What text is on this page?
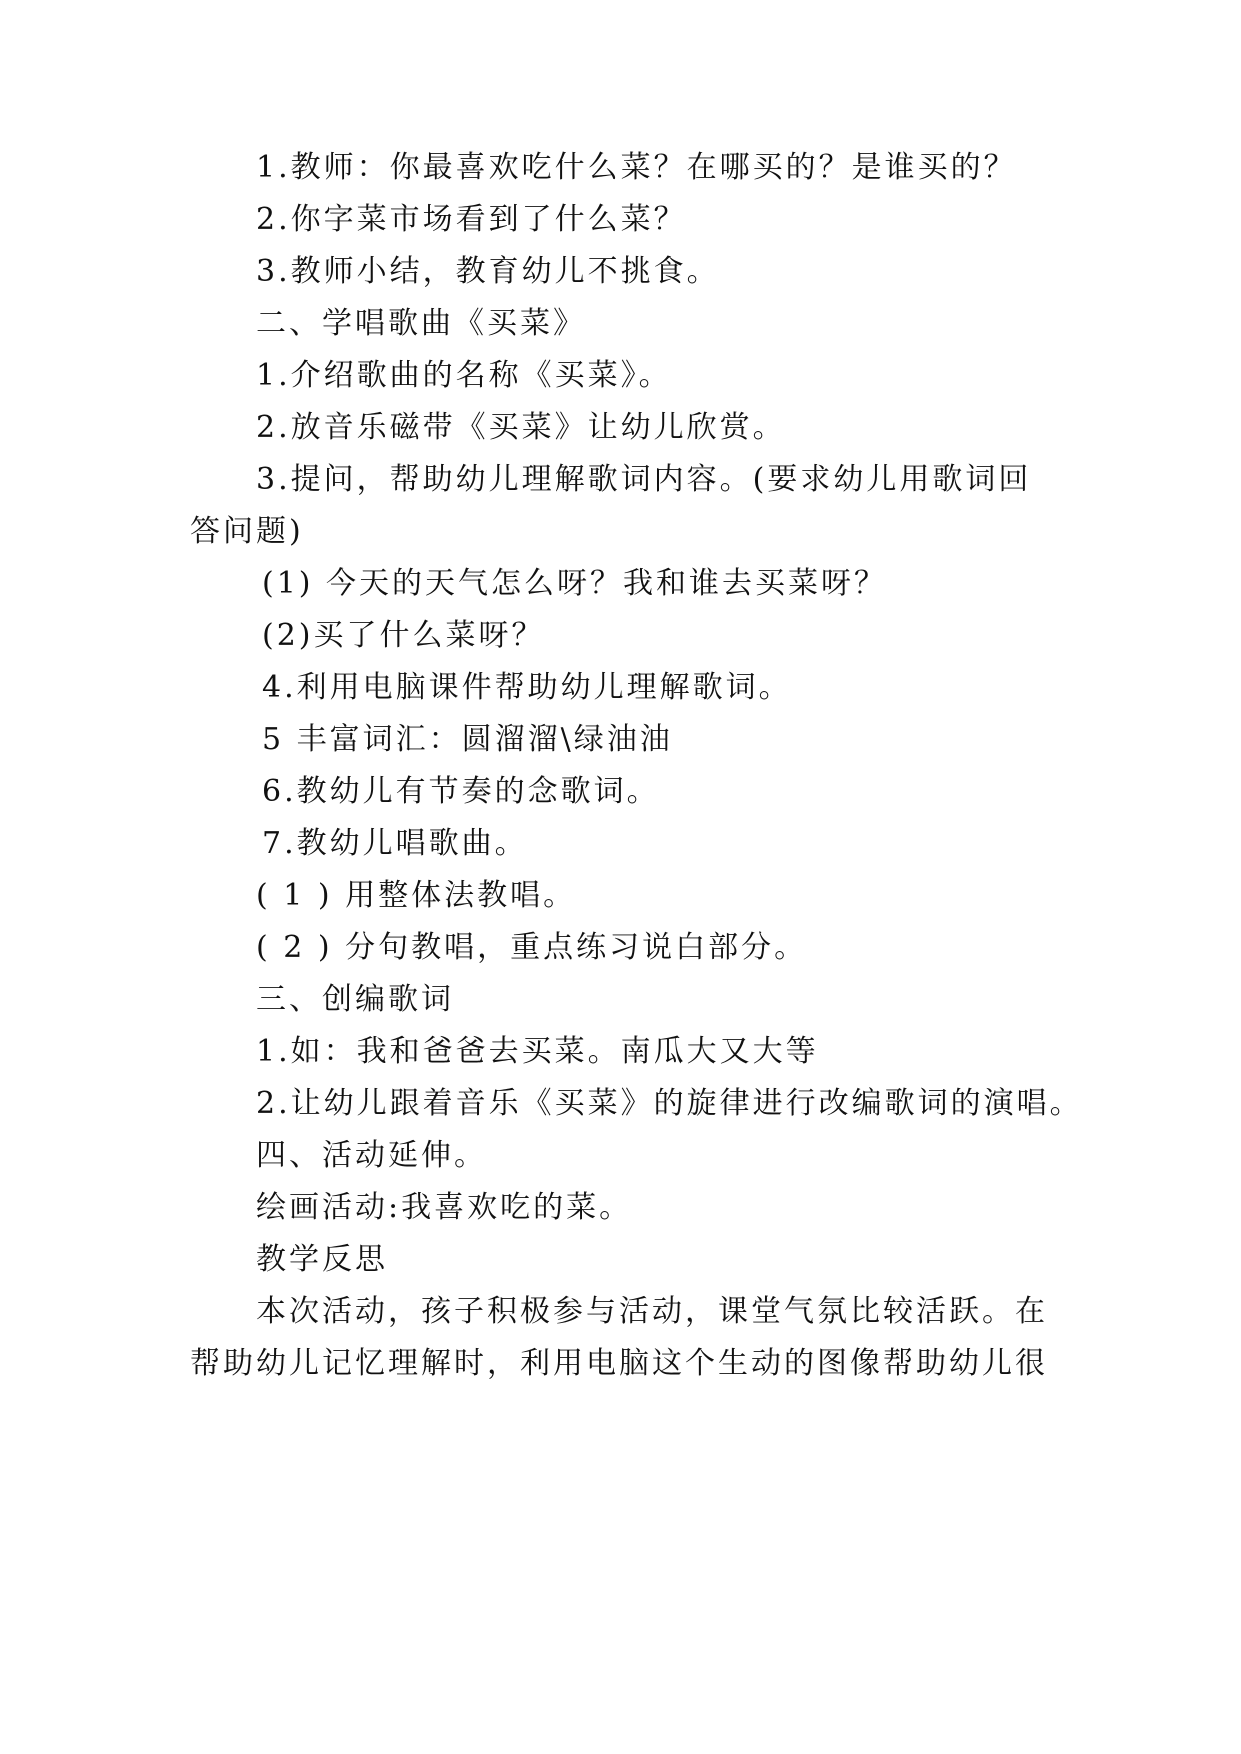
1.教师：你最喜欢吃什么菜？在哪买的？是谁买的？
2.你字菜市场看到了什么菜？
3.教师小结，教育幼儿不挑食。
二、学唱歌曲《买菜》
1.介绍歌曲的名称《买菜》。
2.放音乐磁带《买菜》让幼儿欣赏。
3.提问，帮助幼儿理解歌词内容。(要求幼儿用歌词回
答问题)
(1) 今天的天气怎么呀？我和谁去买菜呀？
(2)买了什么菜呀？
4.利用电脑课件帮助幼儿理解歌词。
5 丰富词汇：圆溜溜\绿油油
6.教幼儿有节奏的念歌词。
7.教幼儿唱歌曲。
( 1 ) 用整体法教唱。
( 2 ) 分句教唱，重点练习说白部分。
三、创编歌词
1.如：我和爸爸去买菜。南瓜大又大等
2.让幼儿跟着音乐《买菜》的旋律进行改编歌词的演唱。
四、活动延伸。
绘画活动:我喜欢吃的菜。
教学反思
本次活动，孩子积极参与活动，课堂气氛比较活跃。在
帮助幼儿记忆理解时，利用电脑这个生动的图像帮助幼儿很
